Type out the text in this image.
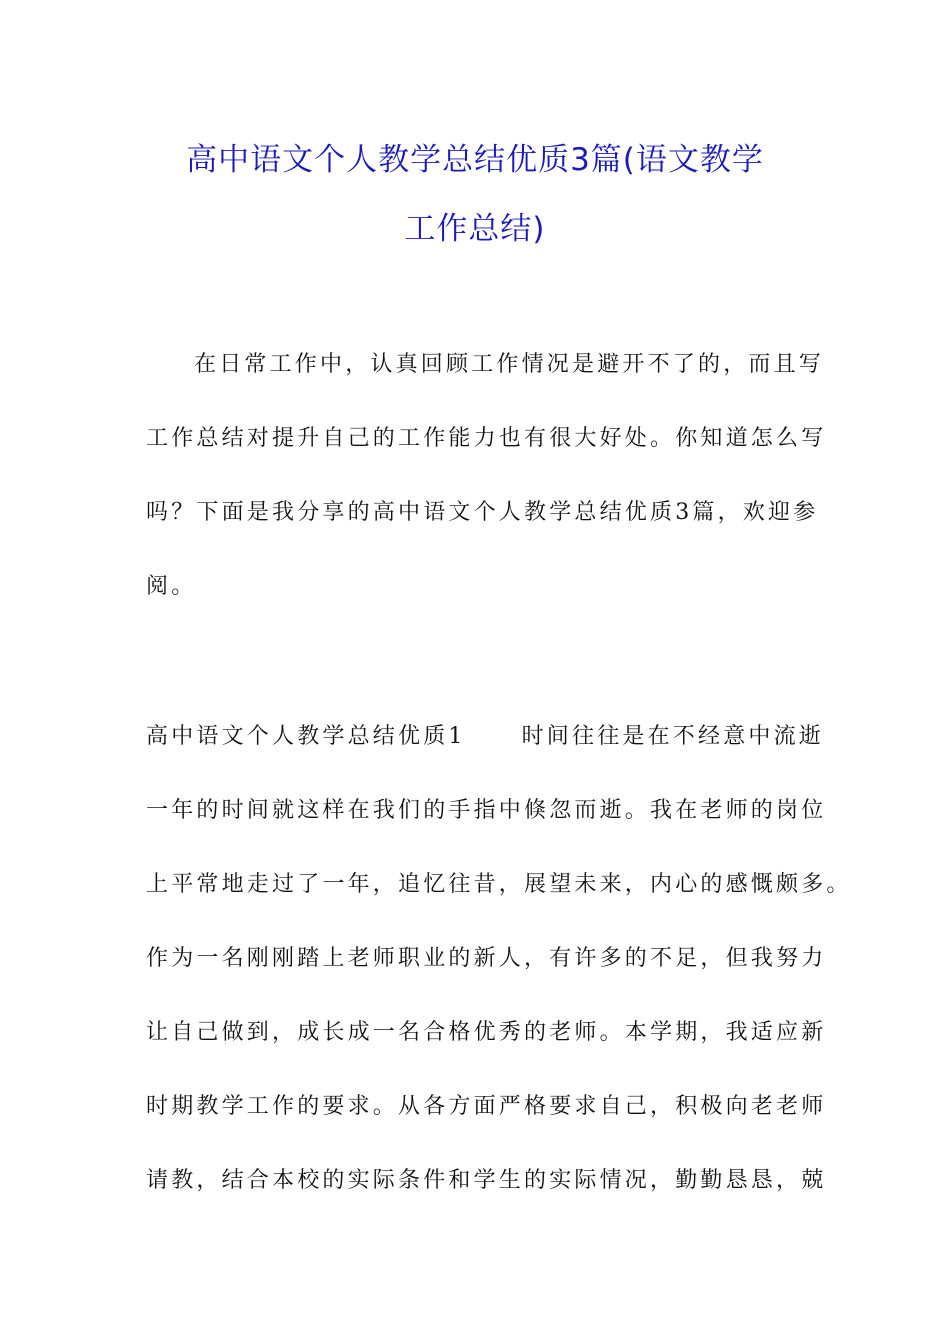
高中语文个人教学总结优质3篇(语文教学
工作总结)
在日常工作中，认真回顾工作情况是避开不了的，而且写
工作总结对提升自己的工作能力也有很大好处。你知道怎么写
吗？下面是我分享的高中语文个人教学总结优质3篇，欢迎参
阅。
高中语文个人教学总结优质1	时间往往是在不经意中流逝
一年的时间就这样在我们的手指中倏忽而逝。我在老师的岗位
上平常地走过了一年，追忆往昔，展望未来，内心的感慨颇多。
作为一名刚刚踏上老师职业的新人，有许多的不足，但我努力
让自己做到，成长成一名合格优秀的老师。本学期，我适应新
时期教学工作的要求。从各方面严格要求自己，积极向老老师
请教，结合本校的实际条件和学生的实际情况，勤勤恳恳，兢
